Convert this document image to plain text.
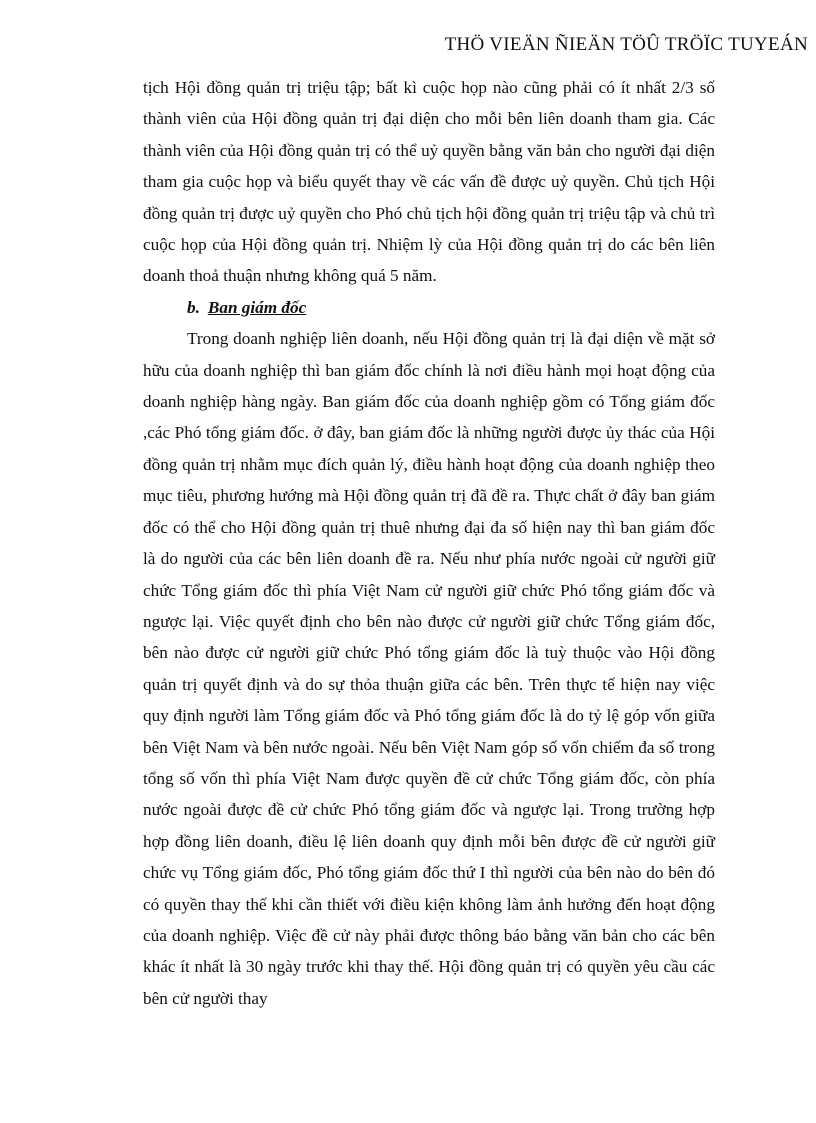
THÖ VIEÄN ÑIEÄN TÖÛ TRÖÏC TUYEÁN

tịch Hội đồng quản trị triệu tập; bất kì cuộc họp nào cũng phải có ít nhất 2/3 số thành viên của Hội đồng quản trị đại diện cho mỗi bên liên doanh tham gia. Các thành viên của Hội đồng quản trị có thể uỷ quyền bằng văn bản cho người đại diện tham gia cuộc họp và biểu quyết thay về các vấn đề được uỷ quyền. Chủ tịch Hội đồng quản trị được uỷ quyền cho Phó chủ tịch hội đồng quản trị triệu tập và chủ trì cuộc họp của Hội đồng quản trị. Nhiệm lỳ của Hội đồng quản trị do các bên liên doanh thoả thuận nhưng không quá 5 năm.

b. Ban giám đốc

Trong doanh nghiệp liên doanh, nếu Hội đồng quản trị là đại diện về mặt sở hữu của doanh nghiệp thì ban giám đốc chính là nơi điều hành mọi hoạt động của doanh nghiệp hàng ngày. Ban giám đốc của doanh nghiệp gồm có Tổng giám đốc ,các Phó tổng giám đốc. ở đây, ban giám đốc là những người được ủy thác của Hội đồng quản trị nhằm mục đích quản lý, điều hành hoạt động của doanh nghiệp theo mục tiêu, phương hướng mà Hội đồng quản trị đã đề ra. Thực chất ở đây ban giám đốc có thể cho Hội đồng quản trị thuê nhưng đại đa số hiện nay thì ban giám đốc là do người của các bên liên doanh đề ra. Nếu như phía nước ngoài cử người giữ chức Tổng giám đốc thì phía Việt Nam cử người giữ chức Phó tổng giám đốc và ngược lại. Việc quyết định cho bên nào được cử người giữ chức Tổng giám đốc, bên nào được cử người giữ chức Phó tổng giám đốc là tuỳ thuộc vào Hội đồng quản trị quyết định và do sự thỏa thuận giữa các bên. Trên thực tế hiện nay việc quy định người làm Tổng giám đốc và Phó tổng giám đốc là do tỷ lệ góp vốn giữa bên Việt Nam và bên nước ngoài. Nếu bên Việt Nam góp số vốn chiếm đa số trong tổng số vốn thì phía Việt Nam được quyền đề cử chức Tổng giám đốc, còn phía nước ngoài được đề cử chức Phó tổng giám đốc và ngược lại. Trong trường hợp hợp đồng liên doanh, điều lệ liên doanh quy định mỗi bên được đề cử người giữ chức vụ Tổng giám đốc, Phó tổng giám đốc thứ I thì người của bên nào do bên đó có quyền thay thế khi cần thiết với điều kiện không làm ảnh hưởng đến hoạt động của doanh nghiệp. Việc đề cử này phải được thông báo bằng văn bản cho các bên khác ít nhất là 30 ngày trước khi thay thế. Hội đồng quản trị có quyền yêu cầu các bên cử người thay
